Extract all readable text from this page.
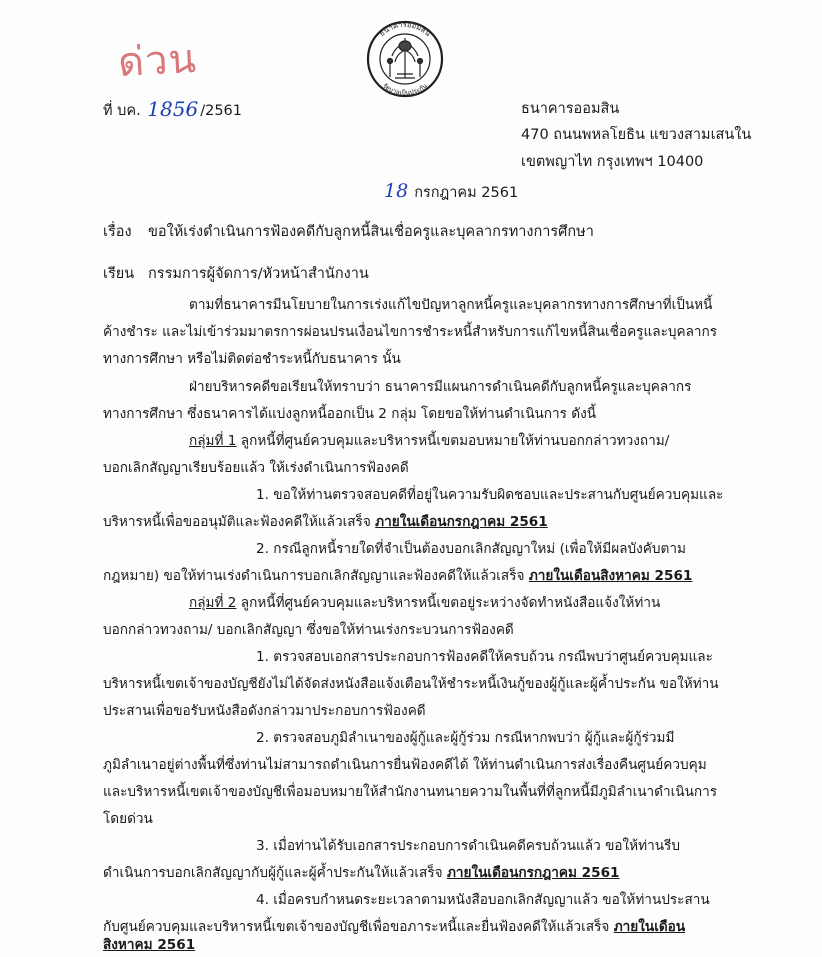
ด่วน
ธนาคารออมสิน
รัฐบาลเป็นประกัน
ที่ บค. 1856 /2561	ธนาคารออมสิน
470 ถนนพหลโยธิน แขวงสามเสนใน
เขตพญาไท กรุงเทพฯ 10400
18 กรกฎาคม 2561
เรื่อง ขอให้เร่งดำเนินการฟ้องคดีกับลูกหนี้สินเชื่อครูและบุคลากรทางการศึกษา
เรียน กรรมการผู้จัดการ/หัวหน้าสำนักงาน
ตามที่ธนาคารมีนโยบายในการเร่งแก้ไขปัญหาลูกหนี้ครูและบุคลากรทางการศึกษาที่เป็นหนี้
ค้างชำระ และไม่เข้าร่วมมาตรการผ่อนปรนเงื่อนไขการชำระหนี้สำหรับการแก้ไขหนี้สินเชื่อครูและบุคลากร
ทางการศึกษา หรือไม่ติดต่อชำระหนี้กับธนาคาร นั้น
ฝ่ายบริหารคดีขอเรียนให้ทราบว่า ธนาคารมีแผนการดำเนินคดีกับลูกหนี้ครูและบุคลากร
ทางการศึกษา ซึ่งธนาคารได้แบ่งลูกหนี้ออกเป็น 2 กลุ่ม โดยขอให้ท่านดำเนินการ ดังนี้
กลุ่มที่ 1 ลูกหนี้ที่ศูนย์ควบคุมและบริหารหนี้เขตมอบหมายให้ท่านบอกกล่าวทวงถาม/
บอกเลิกสัญญาเรียบร้อยแล้ว ให้เร่งดำเนินการฟ้องคดี
1. ขอให้ท่านตรวจสอบคดีที่อยู่ในความรับผิดชอบและประสานกับศูนย์ควบคุมและ
บริหารหนี้เพื่อขออนุมัติและฟ้องคดีให้แล้วเสร็จ ภายในเดือนกรกฎาคม 2561
2. กรณีลูกหนี้รายใดที่จำเป็นต้องบอกเลิกสัญญาใหม่ (เพื่อให้มีผลบังคับตาม
กฎหมาย) ขอให้ท่านเร่งดำเนินการบอกเลิกสัญญาและฟ้องคดีให้แล้วเสร็จ ภายในเดือนสิงหาคม 2561
กลุ่มที่ 2 ลูกหนี้ที่ศูนย์ควบคุมและบริหารหนี้เขตอยู่ระหว่างจัดทำหนังสือแจ้งให้ท่าน
บอกกล่าวทวงถาม/ บอกเลิกสัญญา ซึ่งขอให้ท่านเร่งกระบวนการฟ้องคดี
1. ตรวจสอบเอกสารประกอบการฟ้องคดีให้ครบถ้วน กรณีพบว่าศูนย์ควบคุมและ
บริหารหนี้เขตเจ้าของบัญชียังไม่ได้จัดส่งหนังสือแจ้งเตือนให้ชำระหนี้เงินกู้ของผู้กู้และผู้ค้ำประกัน ขอให้ท่าน
ประสานเพื่อขอรับหนังสือดังกล่าวมาประกอบการฟ้องคดี
2. ตรวจสอบภูมิลำเนาของผู้กู้และผู้กู้ร่วม กรณีหากพบว่า ผู้กู้และผู้กู้ร่วมมี
ภูมิลำเนาอยู่ต่างพื้นที่ซึ่งท่านไม่สามารถดำเนินการยื่นฟ้องคดีได้ ให้ท่านดำเนินการส่งเรื่องคืนศูนย์ควบคุม
และบริหารหนี้เขตเจ้าของบัญชีเพื่อมอบหมายให้สำนักงานทนายความในพื้นที่ที่ลูกหนี้มีภูมิลำเนาดำเนินการ
โดยด่วน
3. เมื่อท่านได้รับเอกสารประกอบการดำเนินคดีครบถ้วนแล้ว ขอให้ท่านรีบ
ดำเนินการบอกเลิกสัญญากับผู้กู้และผู้ค้ำประกันให้แล้วเสร็จ ภายในเดือนกรกฎาคม 2561
4. เมื่อครบกำหนดระยะเวลาตามหนังสือบอกเลิกสัญญาแล้ว ขอให้ท่านประสาน
กับศูนย์ควบคุมและบริหารหนี้เขตเจ้าของบัญชีเพื่อขอภาระหนี้และยื่นฟ้องคดีให้แล้วเสร็จ ภายในเดือน
สิงหาคม 2561
